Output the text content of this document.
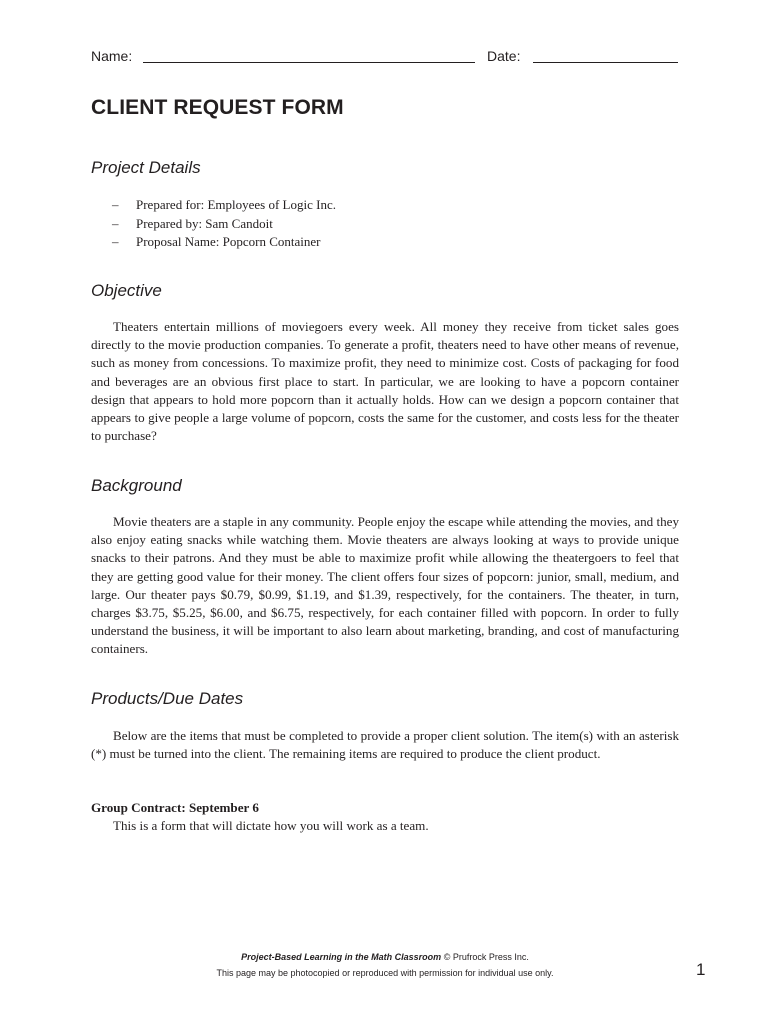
Name:	Date:
CLIENT REQUEST FORM
Project Details
– Prepared for: Employees of Logic Inc.
– Prepared by: Sam Candoit
– Proposal Name: Popcorn Container
Objective

Theaters entertain millions of moviegoers every week. All money they receive from ticket sales goes directly to the movie production companies. To generate a profit, theaters need to have other means of revenue, such as money from concessions. To maximize profit, they need to minimize cost. Costs of packaging for food and beverages are an obvious first place to start. In particular, we are looking to have a popcorn container design that appears to hold more popcorn than it actually holds. How can we design a popcorn container that appears to give people a large volume of popcorn, costs the same for the customer, and costs less for the theater to purchase?

Background

Movie theaters are a staple in any community. People enjoy the escape while attending the movies, and they also enjoy eating snacks while watching them. Movie theaters are always looking at ways to provide unique snacks to their patrons. And they must be able to maximize profit while allowing the theatergoers to feel that they are getting good value for their money. The client offers four sizes of popcorn: junior, small, medium, and large. Our theater pays $0.79, $0.99, $1.19, and $1.39, respectively, for the containers. The theater, in turn, charges $3.75, $5.25, $6.00, and $6.75, respectively, for each container filled with popcorn. In order to fully understand the business, it will be important to also learn about marketing, branding, and cost of manufacturing containers.

Products/Due Dates

Below are the items that must be completed to provide a proper client solution. The item(s) with an asterisk (*) must be turned into the client. The remaining items are required to produce the client product.

Group Contract: September 6

This is a form that will dictate how you will work as a team.

Project-Based Learning in the Math Classroom © Prufrock Press Inc.
This page may be photocopied or reproduced with permission for individual use only.	1
